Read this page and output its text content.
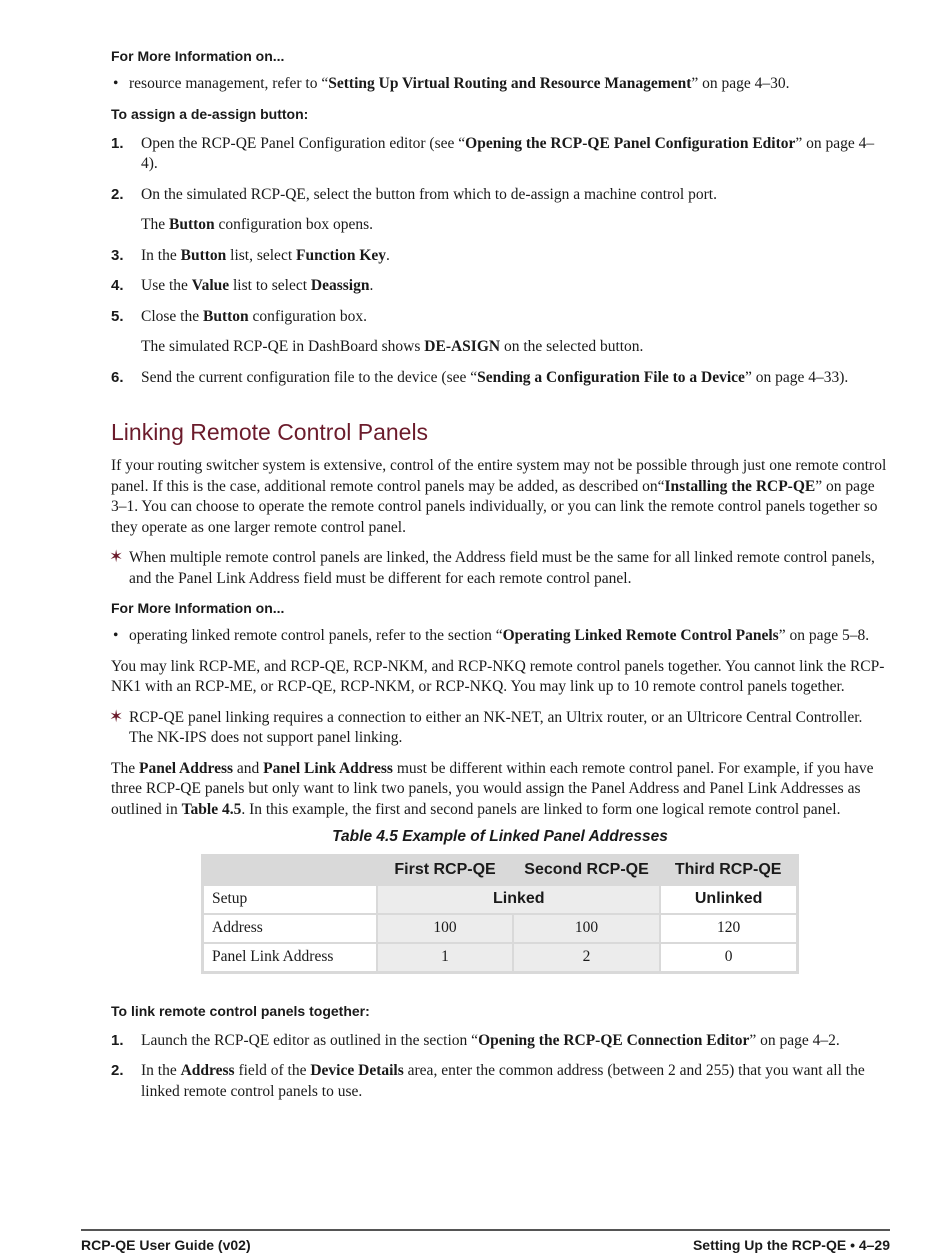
For More Information on...

• resource management, refer to “Setting Up Virtual Routing and Resource Management” on page 4–30.

To assign a de-assign button:

1. Open the RCP-QE Panel Configuration editor (see “Opening the RCP-QE Panel Configuration Editor” on page 4–4).

2. On the simulated RCP-QE, select the button from which to de-assign a machine control port.

The Button configuration box opens.

3. In the Button list, select Function Key.

4. Use the Value list to select Deassign.

5. Close the Button configuration box.

The simulated RCP-QE in DashBoard shows DE-ASIGN on the selected button.

6. Send the current configuration file to the device (see “Sending a Configuration File to a Device” on page 4–33).

Linking Remote Control Panels

If your routing switcher system is extensive, control of the entire system may not be possible through just one remote control panel. If this is the case, additional remote control panels may be added, as described on“Installing the RCP-QE” on page 3–1. You can choose to operate the remote control panels individually, or you can link the remote control panels together so they operate as one larger remote control panel.

✶ When multiple remote control panels are linked, the Address field must be the same for all linked remote control panels, and the Panel Link Address field must be different for each remote control panel.

For More Information on...

• operating linked remote control panels, refer to the section “Operating Linked Remote Control Panels” on page 5–8.

You may link RCP-ME, and RCP-QE, RCP-NKM, and RCP-NKQ remote control panels together. You cannot link the RCP-NK1 with an RCP-ME, or RCP-QE, RCP-NKM, or RCP-NKQ. You may link up to 10 remote control panels together.

✶ RCP-QE panel linking requires a connection to either an NK-NET, an Ultrix router, or an Ultricore Central Controller. The NK-IPS does not support panel linking.

The Panel Address and Panel Link Address must be different within each remote control panel. For example, if you have three RCP-QE panels but only want to link two panels, you would assign the Panel Address and Panel Link Addresses as outlined in Table 4.5. In this example, the first and second panels are linked to form one logical remote control panel.

Table 4.5 Example of Linked Panel Addresses

	First RCP-QE	Second RCP-QE	Third RCP-QE
Setup	Linked		Unlinked
Address	100	100	120
Panel Link Address	1	2	0

To link remote control panels together:

1. Launch the RCP-QE editor as outlined in the section “Opening the RCP-QE Connection Editor” on page 4–2.

2. In the Address field of the Device Details area, enter the common address (between 2 and 255) that you want all the linked remote control panels to use.

RCP-QE User Guide (v02)	Setting Up the RCP-QE • 4–29
